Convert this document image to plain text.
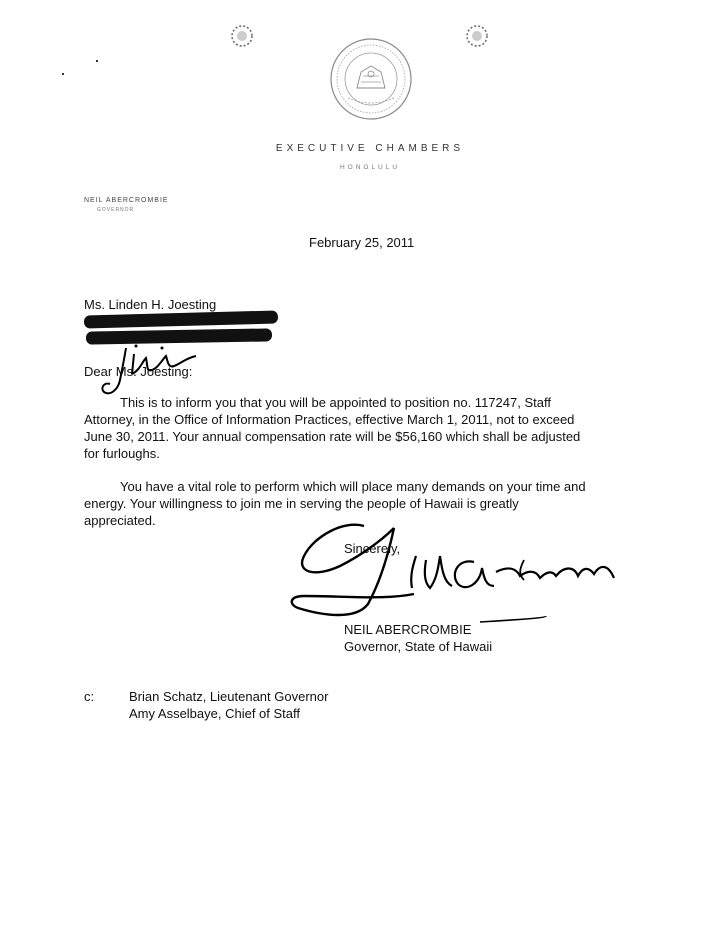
EXECUTIVE CHAMBERS
HONOLULU
NEIL ABERCROMBIE
GOVERNOR
February 25, 2011
Ms. Linden H. Joesting
Dear Ms. Joesting:
This is to inform you that you will be appointed to position no. 117247, Staff
Attorney, in the Office of Information Practices, effective March 1, 2011, not to exceed
June 30, 2011. Your annual compensation rate will be $56,160 which shall be adjusted
for furloughs.
You have a vital role to perform which will place many demands on your time and
energy. Your willingness to join me in serving the people of Hawaii is greatly
appreciated.
Sincerely,
NEIL ABERCROMBIE
Governor, State of Hawaii
c:	Brian Schatz, Lieutenant Governor
Amy Asselbaye, Chief of Staff
